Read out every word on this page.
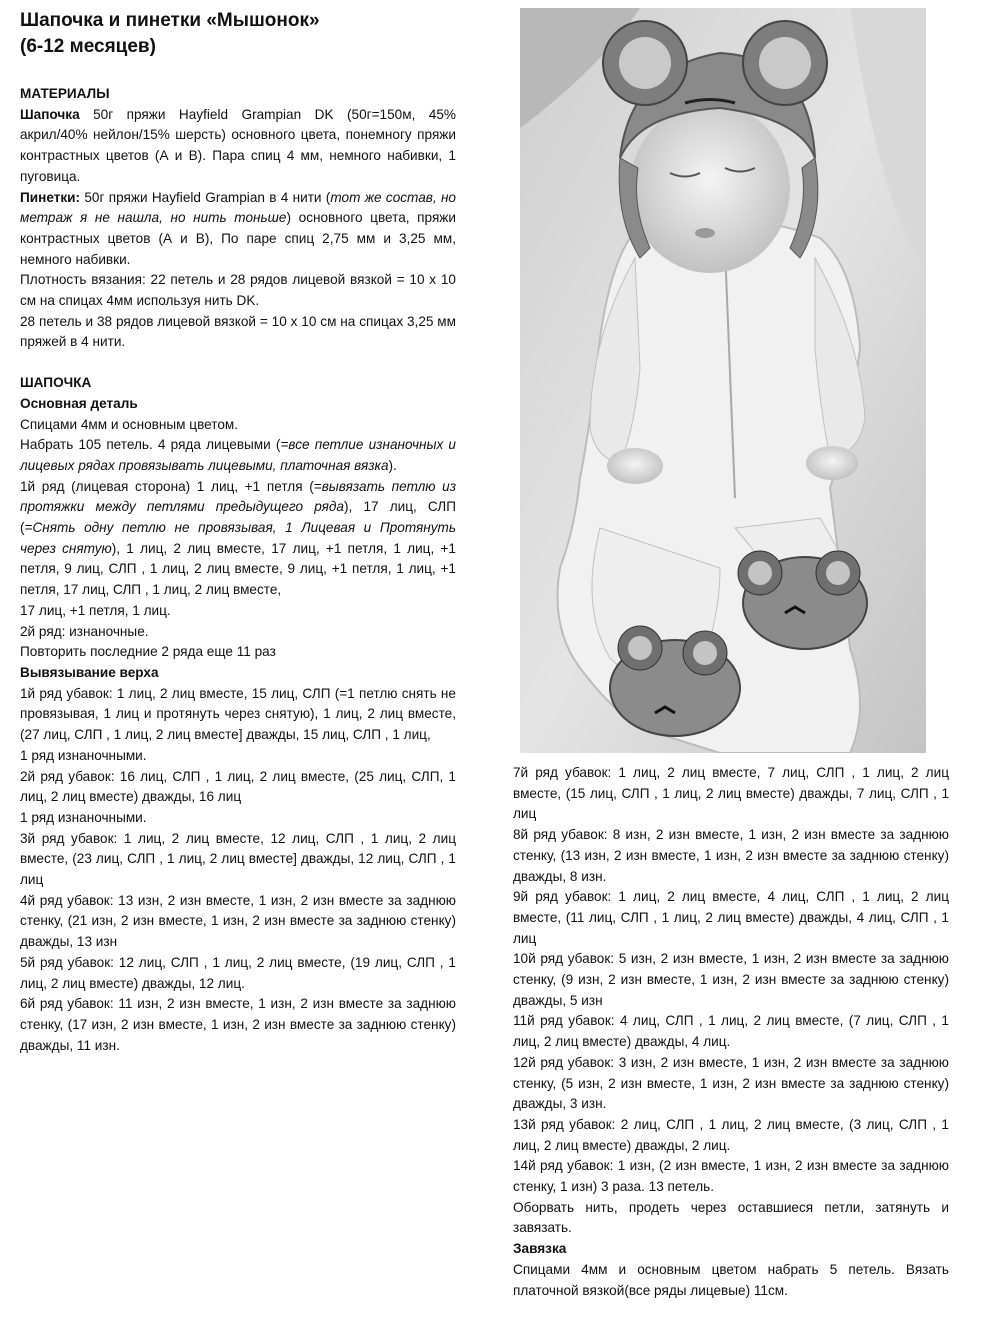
Шапочка и пинетки «Мышонок»
(6-12 месяцев)

МАТЕРИАЛЫ

Шапочка 50г пряжи Hayfield Grampian DK (50г=150м, 45% акрил/40% нейлон/15% шерсть) основного цвета, понемногу пряжи контрастных цветов (А и В). Пара спиц 4 мм, немного набивки, 1 пуговица.

Пинетки: 50г пряжи Hayfield Grampian в 4 нити (тот же состав, но метраж я не нашла, но нить тоньше) основного цвета, пряжи контрастных цветов (А и В), По паре спиц 2,75 мм и 3,25 мм, немного набивки.

Плотность вязания: 22 петель и 28 рядов лицевой вязкой = 10 х 10 см на спицах 4мм используя нить DK.

28 петель и 38 рядов лицевой вязкой = 10 х 10 см на спицах 3,25 мм пряжей в 4 нити.

ШАПОЧКА

Основная деталь

Спицами 4мм и основным цветом.

Набрать 105 петель. 4 ряда лицевыми (=все петлие изнаночных и лицевых рядах провязывать лицевыми, платочная вязка).

1й ряд (лицевая сторона) 1 лиц, +1 петля (=вывязать петлю из протяжки между петлями предыдущего ряда), 17 лиц, СЛП (=Снять одну петлю не провязывая, 1 Лицевая и Протянуть через снятую), 1 лиц, 2 лиц вместе, 17 лиц, +1 петля, 1 лиц, +1 петля, 9 лиц, СЛП , 1 лиц, 2 лиц вместе, 9 лиц, +1 петля, 1 лиц, +1 петля, 17 лиц, СЛП , 1 лиц, 2 лиц вместе,

17 лиц, +1 петля, 1 лиц.

2й ряд: изнаночные.

Повторить последние 2 ряда еще 11 раз

Вывязывание верха

1й ряд убавок: 1 лиц, 2 лиц вместе, 15 лиц, СЛП (=1 петлю снять не провязывая, 1 лиц и протянуть через снятую), 1 лиц, 2 лиц вместе, (27 лиц, СЛП , 1 лиц, 2 лиц вместе] дважды, 15 лиц, СЛП , 1 лиц,

1 ряд изнаночными.

2й ряд убавок: 16 лиц, СЛП , 1 лиц, 2 лиц вместе, (25 лиц, СЛП, 1 лиц, 2 лиц вместе) дважды, 16 лиц

1 ряд изнаночными.

3й ряд убавок: 1 лиц, 2 лиц вместе, 12 лиц, СЛП , 1 лиц, 2 лиц вместе, (23 лиц, СЛП , 1 лиц, 2 лиц вместе] дважды, 12 лиц, СЛП , 1 лиц

4й ряд убавок: 13 изн, 2 изн вместе, 1 изн, 2 изн вместе за заднюю стенку, (21 изн, 2 изн вместе, 1 изн, 2 изн вместе за заднюю стенку) дважды, 13 изн

5й ряд убавок: 12 лиц, СЛП , 1 лиц, 2 лиц вместе, (19 лиц, СЛП , 1 лиц, 2 лиц вместе) дважды, 12 лиц.

6й ряд убавок: 11 изн, 2 изн вместе, 1 изн, 2 изн вместе за заднюю стенку, (17 изн, 2 изн вместе, 1 изн, 2 изн вместе за заднюю стенку) дважды, 11 изн.

7й ряд убавок: 1 лиц, 2 лиц вместе, 7 лиц, СЛП , 1 лиц, 2 лиц вместе, (15 лиц, СЛП , 1 лиц, 2 лиц вместе) дважды, 7 лиц, СЛП , 1 лиц

8й ряд убавок: 8 изн, 2 изн вместе, 1 изн, 2 изн вместе за заднюю стенку, (13 изн, 2 изн вместе, 1 изн, 2 изн вместе за заднюю стенку) дважды, 8 изн.

9й ряд убавок: 1 лиц, 2 лиц вместе, 4 лиц, СЛП , 1 лиц, 2 лиц вместе, (11 лиц, СЛП , 1 лиц, 2 лиц вместе) дважды, 4 лиц, СЛП , 1 лиц

10й ряд убавок: 5 изн, 2 изн вместе, 1 изн, 2 изн вместе за заднюю стенку, (9 изн, 2 изн вместе, 1 изн, 2 изн вместе за заднюю стенку) дважды, 5 изн

11й ряд убавок: 4 лиц, СЛП , 1 лиц, 2 лиц вместе, (7 лиц, СЛП , 1 лиц, 2 лиц вместе) дважды, 4 лиц.

12й ряд убавок: 3 изн, 2 изн вместе, 1 изн, 2 изн вместе за заднюю стенку, (5 изн, 2 изн вместе, 1 изн, 2 изн вместе за заднюю стенку) дважды, 3 изн.

13й ряд убавок: 2 лиц, СЛП , 1 лиц, 2 лиц вместе, (3 лиц, СЛП , 1 лиц, 2 лиц вместе) дважды, 2 лиц.

14й ряд убавок: 1 изн, (2 изн вместе, 1 изн, 2 изн вместе за заднюю стенку, 1 изн) 3 раза. 13 петель.

Оборвать нить, продеть через оставшиеся петли, затянуть и завязать.

Завязка

Спицами 4мм и основным цветом набрать 5 петель. Вязать платочной вязкой(все ряды лицевые) 11см.
